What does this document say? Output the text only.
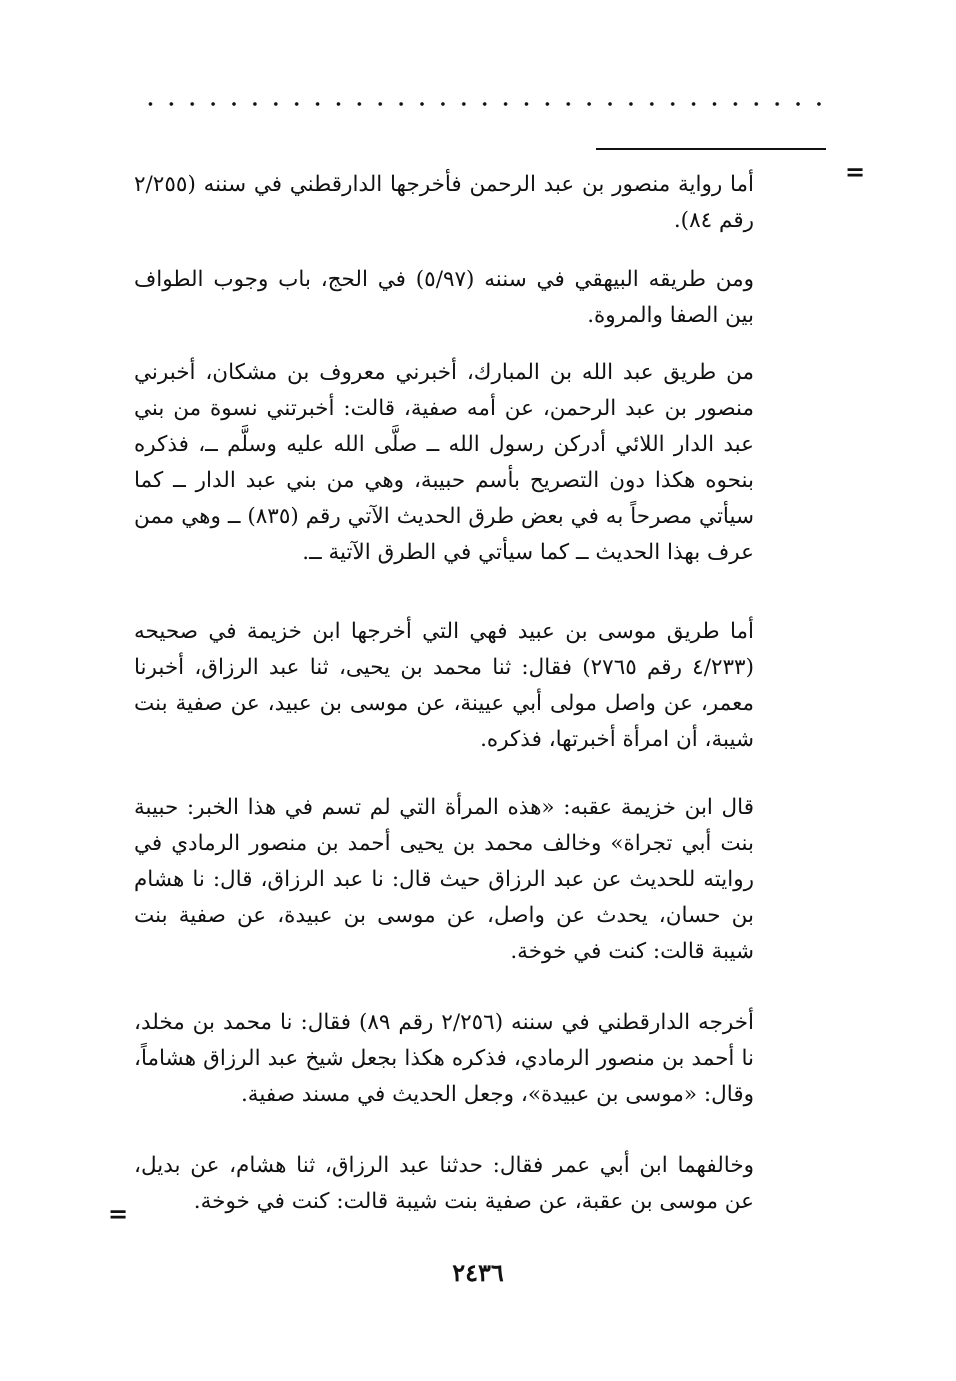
=
أما رواية منصور بن عبد الرحمن فأخرجها الدارقطني في سننه (٢/٢٥٥ رقم ٨٤).
ومن طريقه البيهقي في سننه (٥/٩٧) في الحج، باب وجوب الطواف بين الصفا والمروة.
من طريق عبد الله بن المبارك، أخبرني معروف بن مشكان، أخبرني منصور بن عبد الرحمن، عن أمه صفية، قالت: أخبرتني نسوة من بني عبد الدار اللائي أدركن رسول الله ــ صلَّى الله عليه وسلَّم ــ، فذكره بنحوه هكذا دون التصريح بأسم حبيبة، وهي من بني عبد الدار ــ كما سيأتي مصرحاً به في بعض طرق الحديث الآتي رقم (٨٣٥) ــ وهي ممن عرف بهذا الحديث ــ كما سيأتي في الطرق الآتية ــ.
أما طريق موسى بن عبيد فهي التي أخرجها ابن خزيمة في صحيحه (٤/٢٣٣ رقم ٢٧٦٥) فقال: ثنا محمد بن يحيى، ثنا عبد الرزاق، أخبرنا معمر، عن واصل مولى أبي عيينة، عن موسى بن عبيد، عن صفية بنت شيبة، أن امرأة أخبرتها، فذكره.
قال ابن خزيمة عقبه: «هذه المرأة التي لم تسم في هذا الخبر: حبيبة بنت أبي تجراة» وخالف محمد بن يحيى أحمد بن منصور الرمادي في روايته للحديث عن عبد الرزاق حيث قال: نا عبد الرزاق، قال: نا هشام بن حسان، يحدث عن واصل، عن موسى بن عبيدة، عن صفية بنت شيبة قالت: كنت في خوخة.
أخرجه الدارقطني في سننه (٢/٢٥٦ رقم ٨٩) فقال: نا محمد بن مخلد، نا أحمد بن منصور الرمادي، فذكره هكذا بجعل شيخ عبد الرزاق هشاماً، وقال: «موسى بن عبيدة»، وجعل الحديث في مسند صفية.
وخالفهما ابن أبي عمر فقال: حدثنا عبد الرزاق، ثنا هشام، عن بديل، عن موسى بن عقبة، عن صفية بنت شيبة قالت: كنت في خوخة.
=
٢٤٣٦
